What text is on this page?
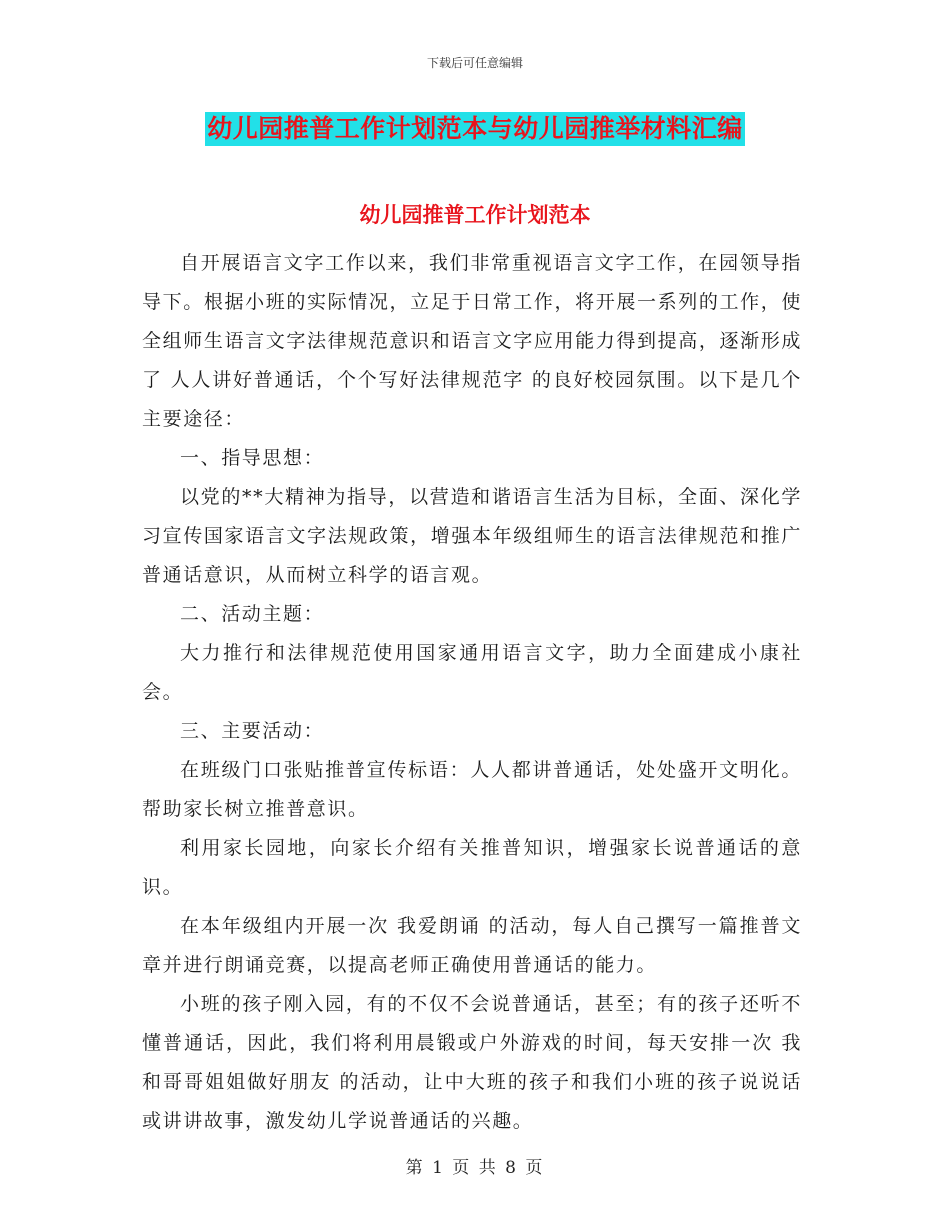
下载后可任意编辑
幼儿园推普工作计划范本与幼儿园推举材料汇编
幼儿园推普工作计划范本

自开展语言文字工作以来，我们非常重视语言文字工作，在园领导指导下。根据小班的实际情况，立足于日常工作，将开展一系列的工作，使全组师生语言文字法律规范意识和语言文字应用能力得到提高，逐渐形成了 人人讲好普通话，个个写好法律规范字 的良好校园氛围。以下是几个主要途径：

一、指导思想：

以党的**大精神为指导，以营造和谐语言生活为目标，全面、深化学习宣传国家语言文字法规政策，增强本年级组师生的语言法律规范和推广普通话意识，从而树立科学的语言观。

二、活动主题：

大力推行和法律规范使用国家通用语言文字，助力全面建成小康社会。

三、主要活动：

在班级门口张贴推普宣传标语：人人都讲普通话，处处盛开文明化。帮助家长树立推普意识。

利用家长园地，向家长介绍有关推普知识，增强家长说普通话的意识。

在本年级组内开展一次 我爱朗诵 的活动，每人自己撰写一篇推普文章并进行朗诵竞赛，以提高老师正确使用普通话的能力。

小班的孩子刚入园，有的不仅不会说普通话，甚至；有的孩子还听不懂普通话，因此，我们将利用晨锻或户外游戏的时间，每天安排一次 我和哥哥姐姐做好朋友 的活动，让中大班的孩子和我们小班的孩子说说话或讲讲故事，激发幼儿学说普通话的兴趣。

第 1 页 共 8 页
